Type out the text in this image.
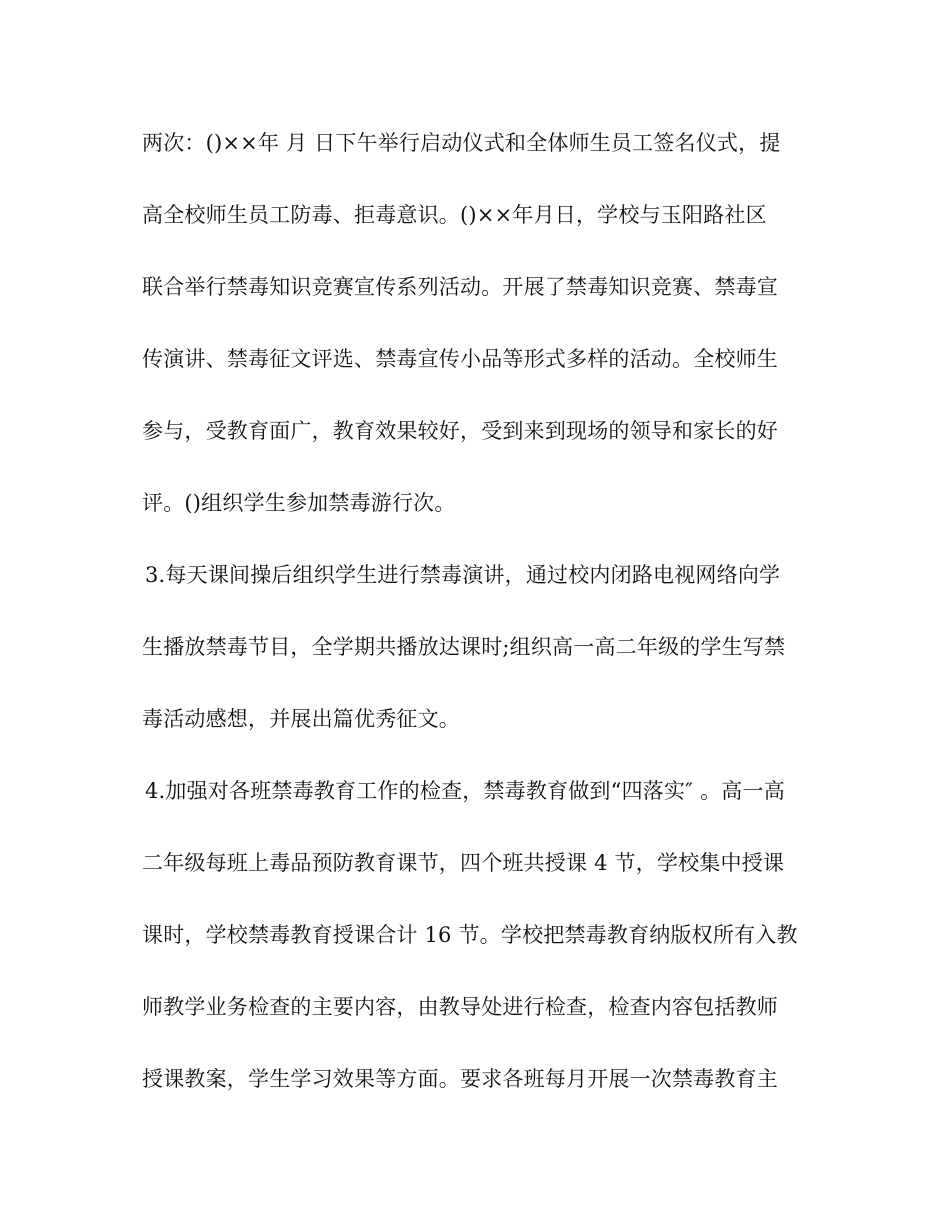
两次：()××年 月 日下午举行启动仪式和全体师生员工签名仪式，提
高全校师生员工防毒、拒毒意识。()××年月日，学校与玉阳路社区
联合举行禁毒知识竞赛宣传系列活动。开展了禁毒知识竞赛、禁毒宣
传演讲、禁毒征文评选、禁毒宣传小品等形式多样的活动。全校师生
参与，受教育面广，教育效果较好，受到来到现场的领导和家长的好
评。()组织学生参加禁毒游行次。
3.每天课间操后组织学生进行禁毒演讲，通过校内闭路电视网络向学
生播放禁毒节目，全学期共播放达课时;组织高一高二年级的学生写禁
毒活动感想，并展出篇优秀征文。
4.加强对各班禁毒教育工作的检查，禁毒教育做到“四落实″ 。高一高
二年级每班上毒品预防教育课节，四个班共授课 4 节，学校集中授课
课时，学校禁毒教育授课合计 16 节。学校把禁毒教育纳版权所有入教
师教学业务检查的主要内容，由教导处进行检查，检查内容包括教师
授课教案，学生学习效果等方面。要求各班每月开展一次禁毒教育主
